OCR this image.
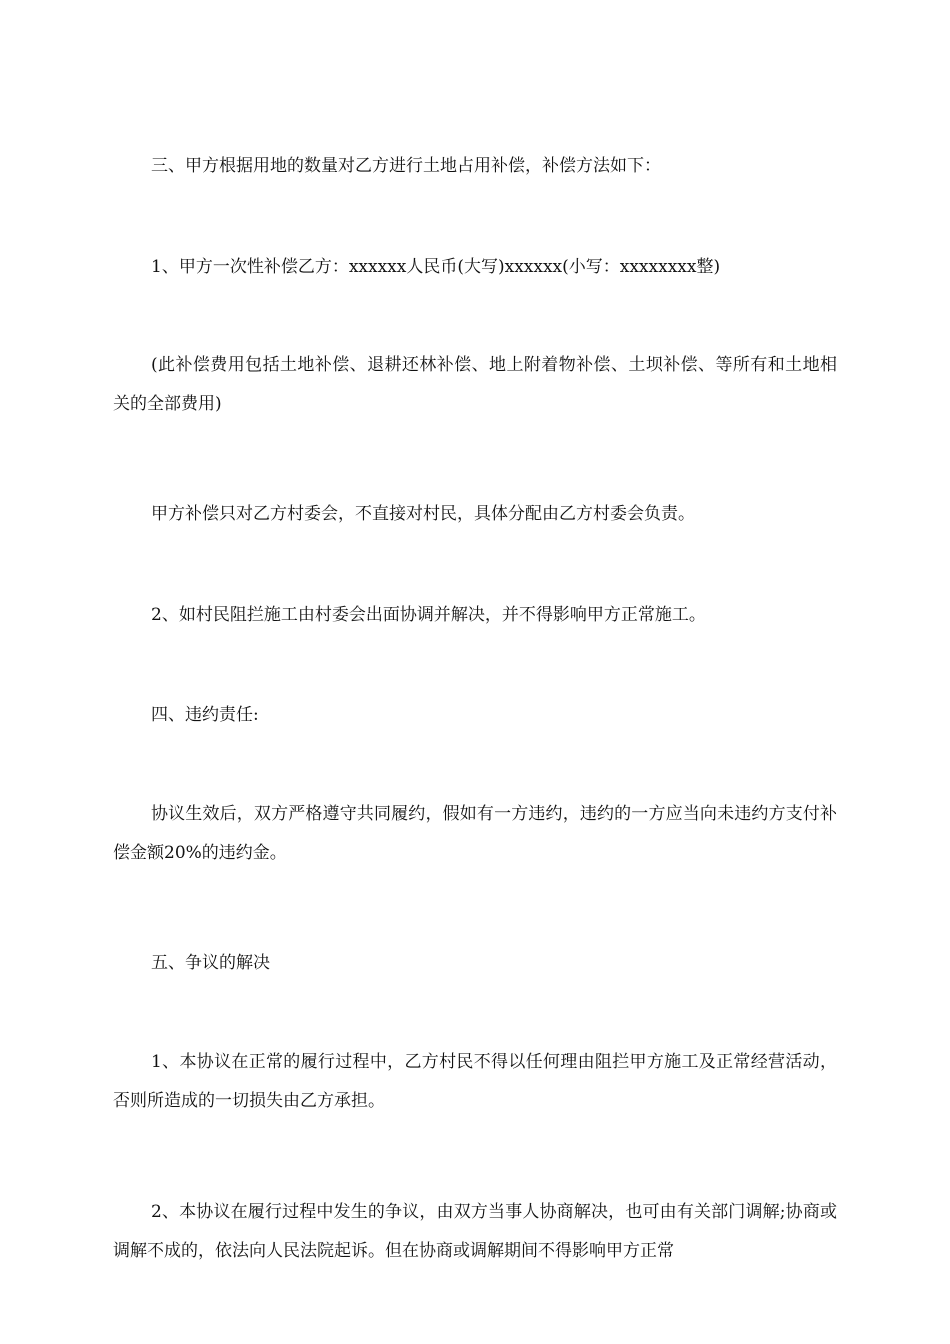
三、甲方根据用地的数量对乙方进行土地占用补偿，补偿方法如下：

1、甲方一次性补偿乙方：xxxxxx人民币(大写)xxxxxx(小写：xxxxxxxx整)

(此补偿费用包括土地补偿、退耕还林补偿、地上附着物补偿、土坝补偿、等所有和土地相关的全部费用)

甲方补偿只对乙方村委会，不直接对村民，具体分配由乙方村委会负责。

2、如村民阻拦施工由村委会出面协调并解决，并不得影响甲方正常施工。

四、违约责任:

协议生效后，双方严格遵守共同履约，假如有一方违约，违约的一方应当向未违约方支付补偿金额20%的违约金。

五、争议的解决

1、本协议在正常的履行过程中，乙方村民不得以任何理由阻拦甲方施工及正常经营活动，否则所造成的一切损失由乙方承担。

2、本协议在履行过程中发生的争议，由双方当事人协商解决，也可由有关部门调解;协商或调解不成的，依法向人民法院起诉。但在协商或调解期间不得影响甲方正常
